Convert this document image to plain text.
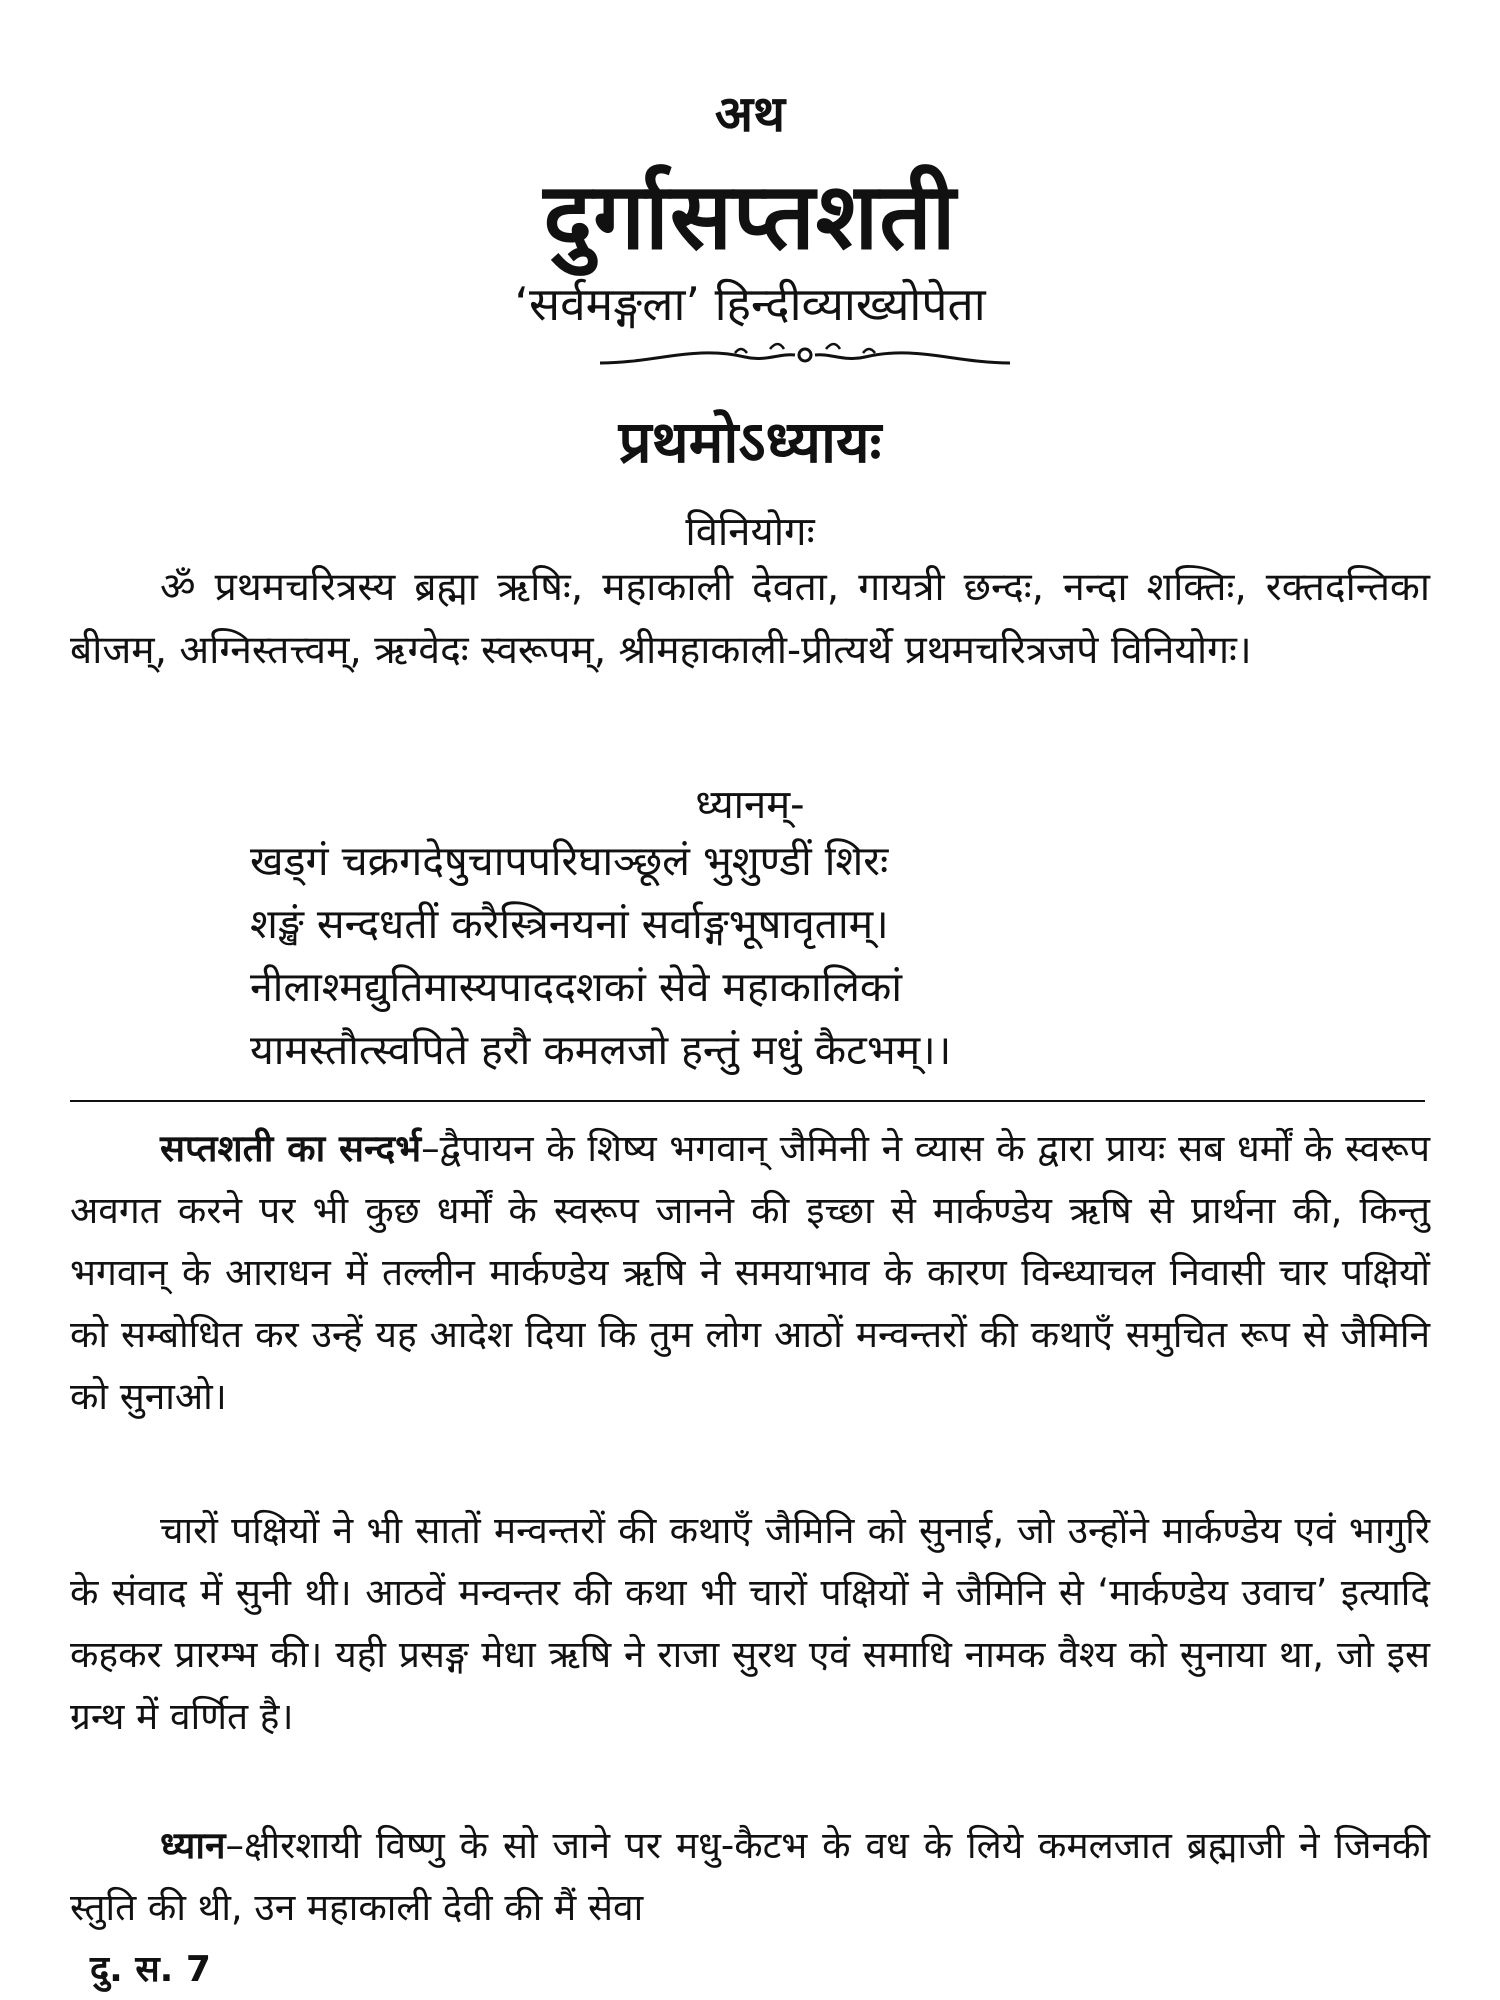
अथ
दुर्गासप्तशती
‘सर्वमङ्गला’ हिन्दीव्याख्योपेता
प्रथमोऽध्यायः
विनियोगः
ॐ प्रथमचरित्रस्य ब्रह्मा ऋषिः, महाकाली देवता, गायत्री छन्दः, नन्दा शक्तिः, रक्तदन्तिका बीजम्, अग्निस्तत्त्वम्, ऋग्वेदः स्वरूपम्, श्रीमहाकाली-प्रीत्यर्थे प्रथमचरित्रजपे विनियोगः।
ध्यानम्-
खड्गं चक्रगदेषुचापपरिघाञ्छूलं भुशुण्डीं शिरः
शङ्खं सन्दधतीं करैस्त्रिनयनां सर्वाङ्गभूषावृताम्।
नीलाश्मद्युतिमास्यपाददशकां सेवे महाकालिकां
यामस्तौत्स्वपिते हरौ कमलजो हन्तुं मधुं कैटभम्।।
सप्तशती का सन्दर्भ–द्वैपायन के शिष्य भगवान् जैमिनी ने व्यास के द्वारा प्रायः सब धर्मों के स्वरूप अवगत करने पर भी कुछ धर्मों के स्वरूप जानने की इच्छा से मार्कण्डेय ऋषि से प्रार्थना की, किन्तु भगवान् के आराधन में तल्लीन मार्कण्डेय ऋषि ने समयाभाव के कारण विन्ध्याचल निवासी चार पक्षियों को सम्बोधित कर उन्हें यह आदेश दिया कि तुम लोग आठों मन्वन्तरों की कथाएँ समुचित रूप से जैमिनि को सुनाओ।
चारों पक्षियों ने भी सातों मन्वन्तरों की कथाएँ जैमिनि को सुनाई, जो उन्होंने मार्कण्डेय एवं भागुरि के संवाद में सुनी थी। आठवें मन्वन्तर की कथा भी चारों पक्षियों ने जैमिनि से ‘मार्कण्डेय उवाच’ इत्यादि कहकर प्रारम्भ की। यही प्रसङ्ग मेधा ऋषि ने राजा सुरथ एवं समाधि नामक वैश्य को सुनाया था, जो इस ग्रन्थ में वर्णित है।
ध्यान–क्षीरशायी विष्णु के सो जाने पर मधु-कैटभ के वध के लिये कमलजात ब्रह्माजी ने जिनकी स्तुति की थी, उन महाकाली देवी की मैं सेवा
दु. स. 7
